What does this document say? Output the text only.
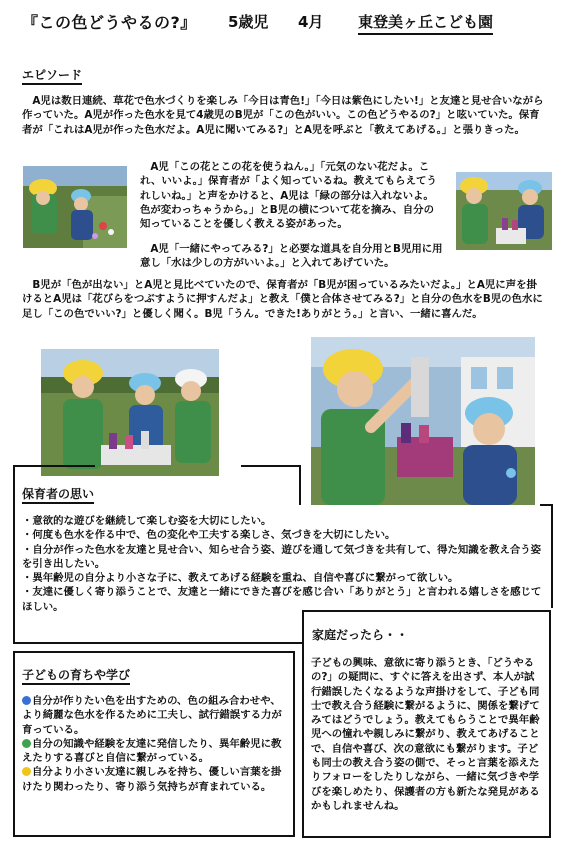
『この色どうやるの?』 5歳児 4月 東登美ヶ丘こども園
エピソード

A児は数日連続、草花で色水づくりを楽しみ「今日は青色!」「今日は紫色にしたい!」と友達と見せ合いながら作っていた。A児が作った色水を見て4歳児のB児が「この色がいい。この色どうやるの?」と呟いていた。保育者が「これはA児が作った色水だよ。A児に聞いてみる?」とA児を呼ぶと「教えてあげる。」と張りきった。

A児「この花とこの花を使うねん。」「元気のない花だよ。これ、いいよ。」保育者が「よく知っているね。教えてもらえてうれしいね。」と声をかけると、A児は「緑の部分は入れないよ。色が変わっちゃうから。」とB児の横について花を摘み、自分の知っていることを優しく教える姿があった。

A児「一緒にやってみる?」と必要な道具を自分用とB児用に用意し「水は少しの方がいいよ。」と入れてあげていた。

B児が「色が出ない」とA児と見比べていたので、保育者が「B児が困っているみたいだよ。」とA児に声を掛けるとA児は「花びらをつぶすように押すんだよ」と教え「僕と合体させてみる?」と自分の色水をB児の色水に足し「この色でいい?」と優しく聞く。B児「うん。できた!ありがとう。」と言い、一緒に喜んだ。

保育者の思い

・意欲的な遊びを継続して楽しむ姿を大切にしたい。

・何度も色水を作る中で、色の変化や工夫する楽しさ、気づきを大切にしたい。

・自分が作った色水を友達と見せ合い、知らせ合う姿、遊びを通して気づきを共有して、得た知識を教え合う姿を引き出したい。

・異年齢児の自分より小さな子に、教えてあげる経験を重ね、自信や喜びに繋がって欲しい。

・友達に優しく寄り添うことで、友達と一緒にできた喜びを感じ合い「ありがとう」と言われる嬉しさを感じてほしい。

子どもの育ちや学び

自分が作りたい色を出すための、色の組み合わせや、より綺麗な色水を作るために工夫し、試行錯誤する力が育っている。

自分の知識や経験を友達に発信したり、異年齢児に教えたりする喜びと自信に繋がっている。

自分より小さい友達に親しみを持ち、優しい言葉を掛けたり関わったり、寄り添う気持ちが育まれている。

家庭だったら・・

子どもの興味、意欲に寄り添うとき、「どうやるの?」の疑問に、すぐに答えを出さず、本人が試行錯誤したくなるような声掛けをして、子ども同士で教え合う経験に繋がるように、関係を繋げてみてはどうでしょう。教えてもらうことで異年齢児への憧れや親しみに繋がり、教えてあげることで、自信や喜び、次の意欲にも繋がります。子ども同士の教え合う姿の側で、そっと言葉を添えたりフォローをしたりしながら、一緒に気づきや学びを楽しめたり、保護者の方も新たな発見があるかもしれませんね。
